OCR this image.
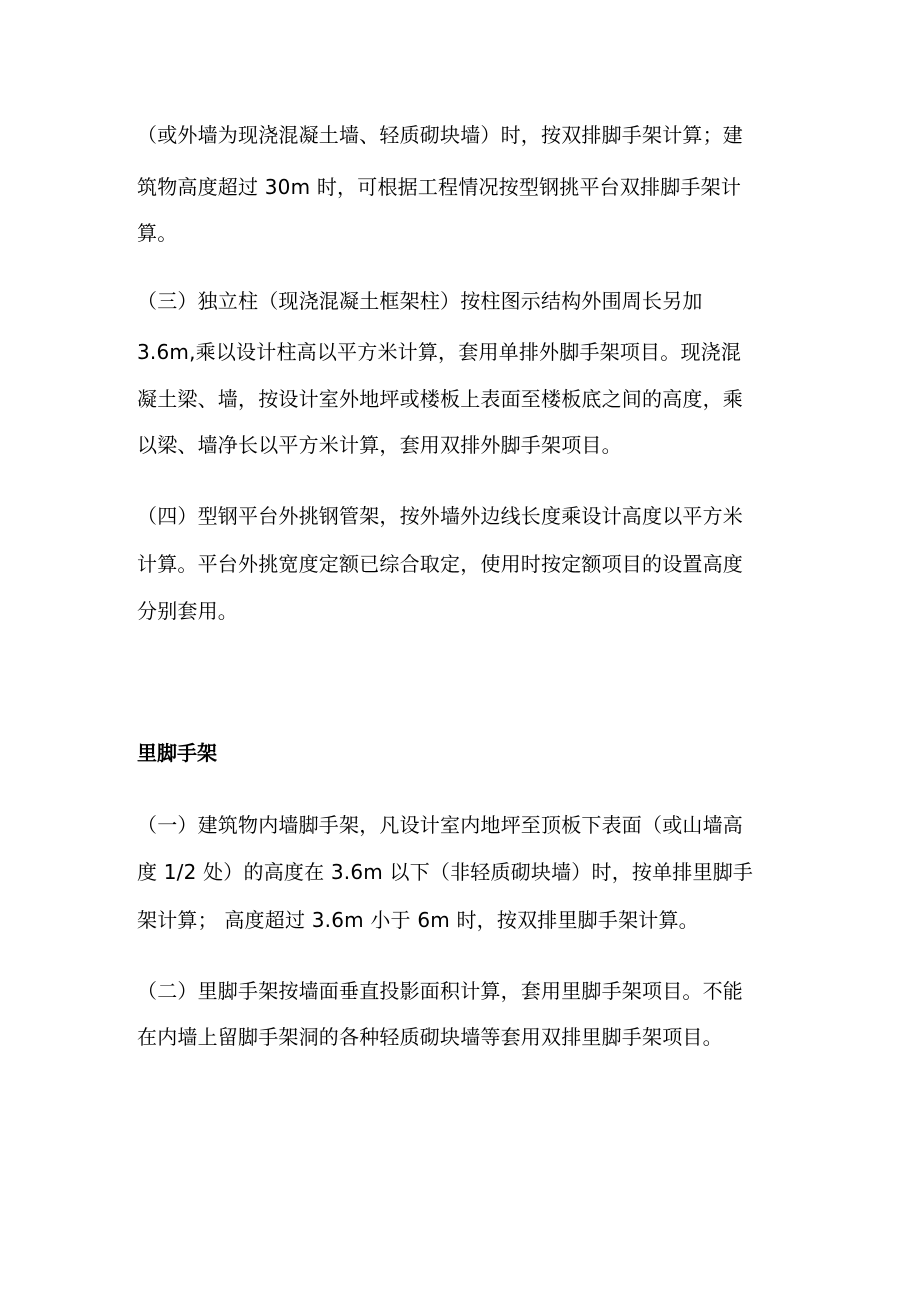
（或外墙为现浇混凝土墙、轻质砌块墙）时，按双排脚手架计算；建
筑物高度超过 30m 时，可根据工程情况按型钢挑平台双排脚手架计
算。
（三）独立柱（现浇混凝土框架柱）按柱图示结构外围周长另加
3.6m,乘以设计柱高以平方米计算，套用单排外脚手架项目。现浇混
凝土梁、墙，按设计室外地坪或楼板上表面至楼板底之间的高度，乘
以梁、墙净长以平方米计算，套用双排外脚手架项目。
（四）型钢平台外挑钢管架，按外墙外边线长度乘设计高度以平方米
计算。平台外挑宽度定额已综合取定，使用时按定额项目的设置高度
分别套用。
里脚手架
（一）建筑物内墙脚手架，凡设计室内地坪至顶板下表面（或山墙高
度 1/2 处）的高度在 3.6m 以下（非轻质砌块墙）时，按单排里脚手
架计算； 高度超过 3.6m 小于 6m 时，按双排里脚手架计算。
（二）里脚手架按墙面垂直投影面积计算，套用里脚手架项目。不能
在内墙上留脚手架洞的各种轻质砌块墙等套用双排里脚手架项目。
